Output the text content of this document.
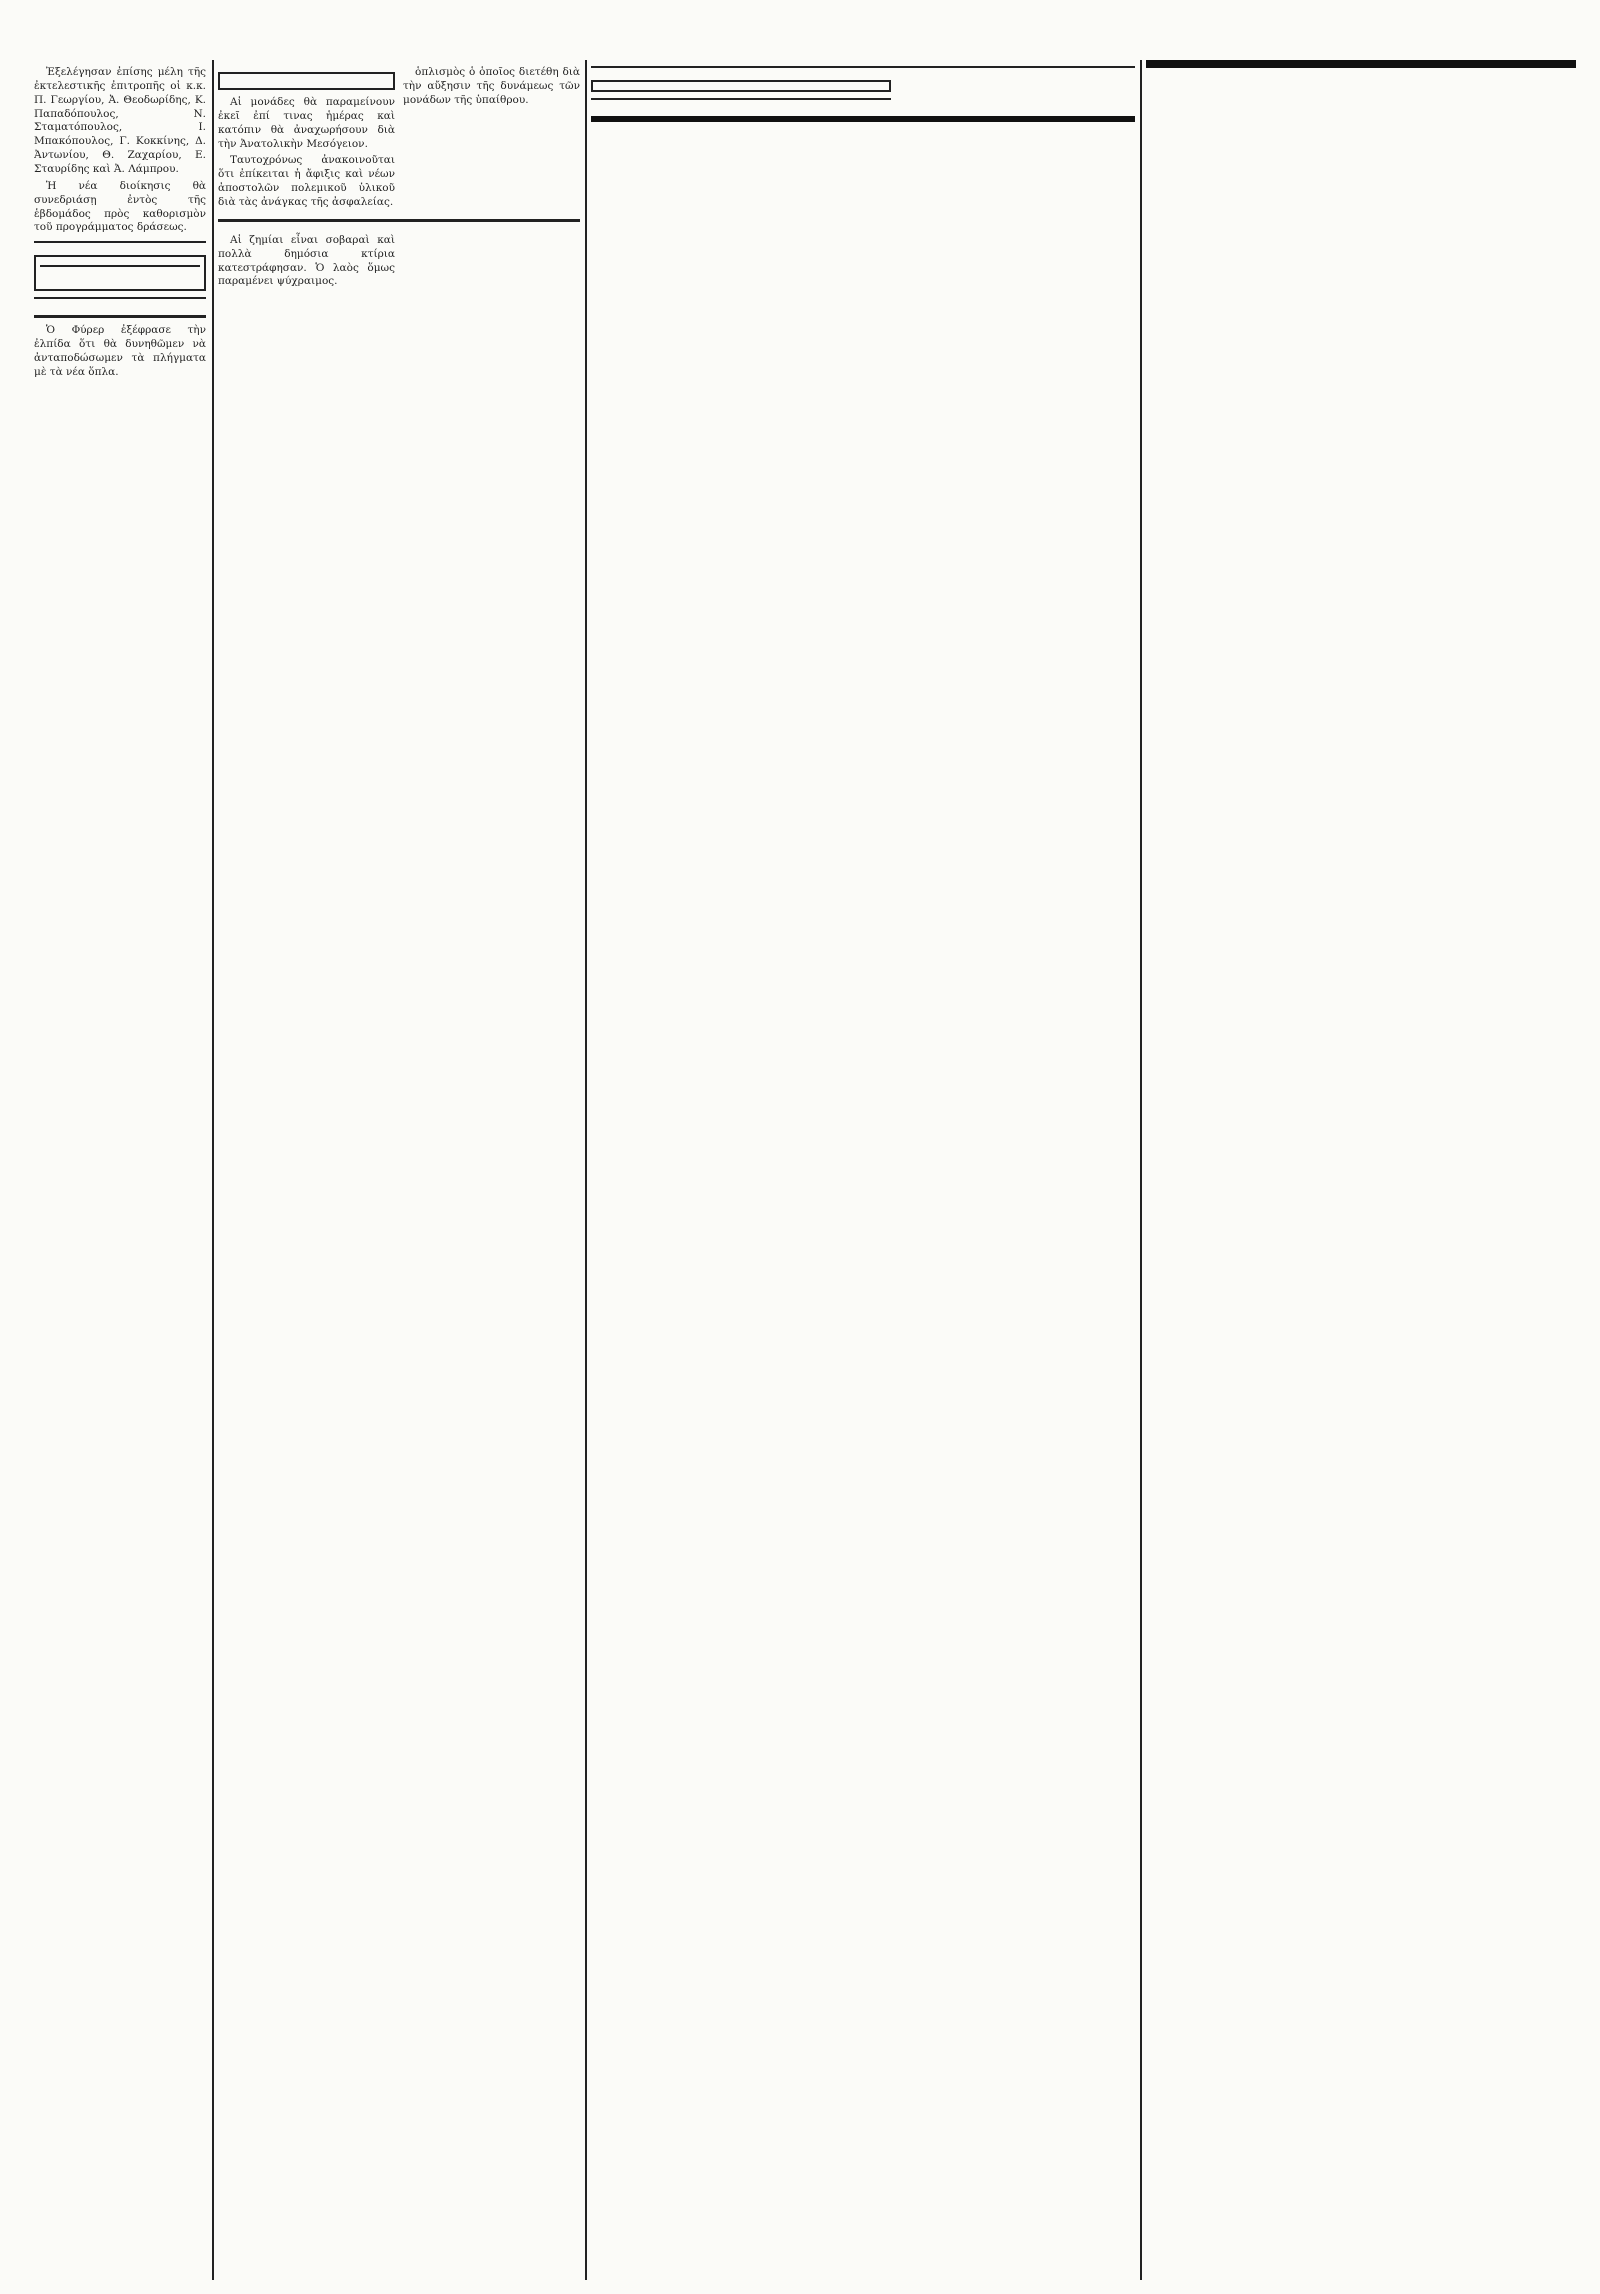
Ἐξελέγησαν ἐπίσης μέλη τῆς ἐκτελεστικῆς ἐπιτροπῆς οἱ κ.κ. Π. Γεωργίου, Ἀ. Θεοδωρίδης, Κ. Παπαδόπουλος, Ν. Σταματόπουλος, Ι. Μπακόπουλος, Γ. Κοκκίνης, Δ. Ἀντωνίου, Θ. Ζαχαρίου, Ε. Σταυρίδης καὶ Ἀ. Λάμπρου.

Ἡ νέα διοίκησις θὰ συνεδριάσῃ ἐντὸς τῆς ἑβδομάδος πρὸς καθορισμὸν τοῦ προγράμματος δράσεως.

Ὁ Φύρερ ἐξέφρασε τὴν ἐλπίδα ὅτι θὰ δυνηθῶμεν νὰ ἀνταποδώσωμεν τὰ πλήγματα μὲ τὰ νέα ὅπλα.

Αἱ μονάδες θὰ παραμείνουν ἐκεῖ ἐπί τινας ἡμέρας καὶ κατόπιν θὰ ἀναχωρήσουν διὰ τὴν Ἀνατολικὴν Μεσόγειον.

Ταυτοχρόνως ἀνακοινοῦται ὅτι ἐπίκειται ἡ ἄφιξις καὶ νέων ἀποστολῶν πολεμικοῦ ὑλικοῦ διὰ τὰς ἀνάγκας τῆς ἀσφαλείας.

ὁπλισμὸς ὁ ὁποῖος διετέθη διὰ τὴν αὔξησιν τῆς δυνάμεως τῶν μονάδων τῆς ὑπαίθρου.

Αἱ ζημίαι εἶναι σοβαραὶ καὶ πολλὰ δημόσια κτίρια κατεστράφησαν. Ὁ λαὸς ὅμως παραμένει ψύχραιμος.
